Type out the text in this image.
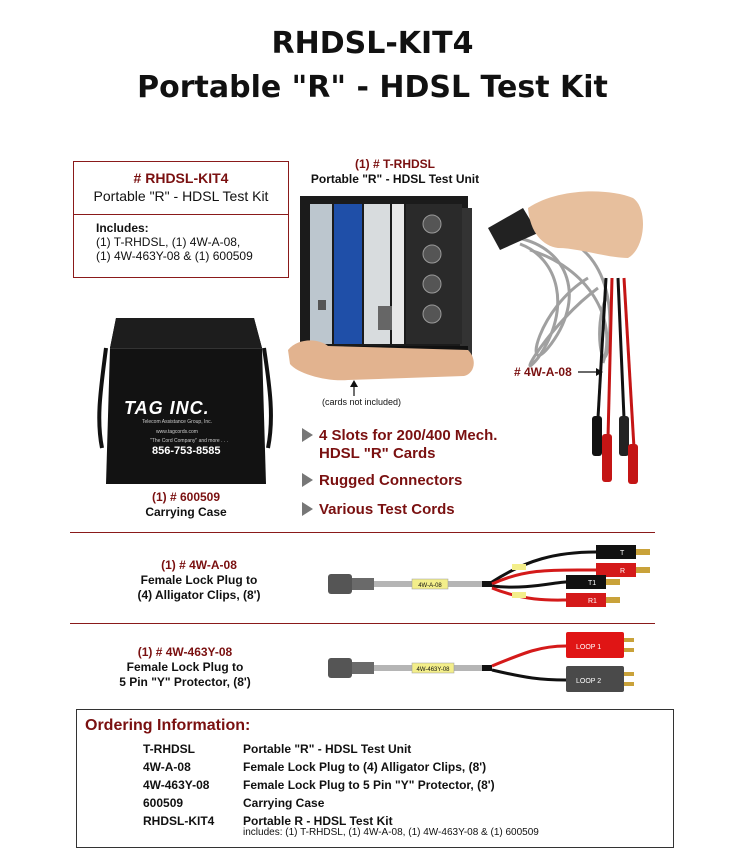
RHDSL-KIT4
Portable "R" - HDSL Test Kit
# RHDSL-KIT4
Portable "R" - HDSL Test Kit
Includes:
(1) T-RHDSL, (1) 4W-A-08,
(1) 4W-463Y-08 & (1) 600509
(1) # T-RHDSL
Portable "R" - HDSL Test Unit
(cards not included)
# 4W-A-08
TAG INC.
Telecom Assistance Group, Inc.
www.tagcords.com
"The Cord Company" and more . . .
856-753-8585
(1) # 600509
Carrying Case
4 Slots for 200/400 Mech.
HDSL "R" Cards
Rugged Connectors
Various Test Cords
(1) # 4W-A-08
Female Lock Plug to
(4) Alligator Clips, (8')
4W-A-08
T
R
T1
R1
(1) # 4W-463Y-08
Female Lock Plug to
5 Pin "Y" Protector, (8')
4W-463Y-08
LOOP 1
LOOP 2
Ordering Information:
T-RHDSL	Portable "R" - HDSL Test Unit
4W-A-08	Female Lock Plug to (4) Alligator Clips, (8')
4W-463Y-08	Female Lock Plug to 5 Pin "Y" Protector, (8')
600509	Carrying Case
RHDSL-KIT4	Portable R - HDSL Test Kit
includes: (1) T-RHDSL, (1) 4W-A-08, (1) 4W-463Y-08 & (1) 600509
